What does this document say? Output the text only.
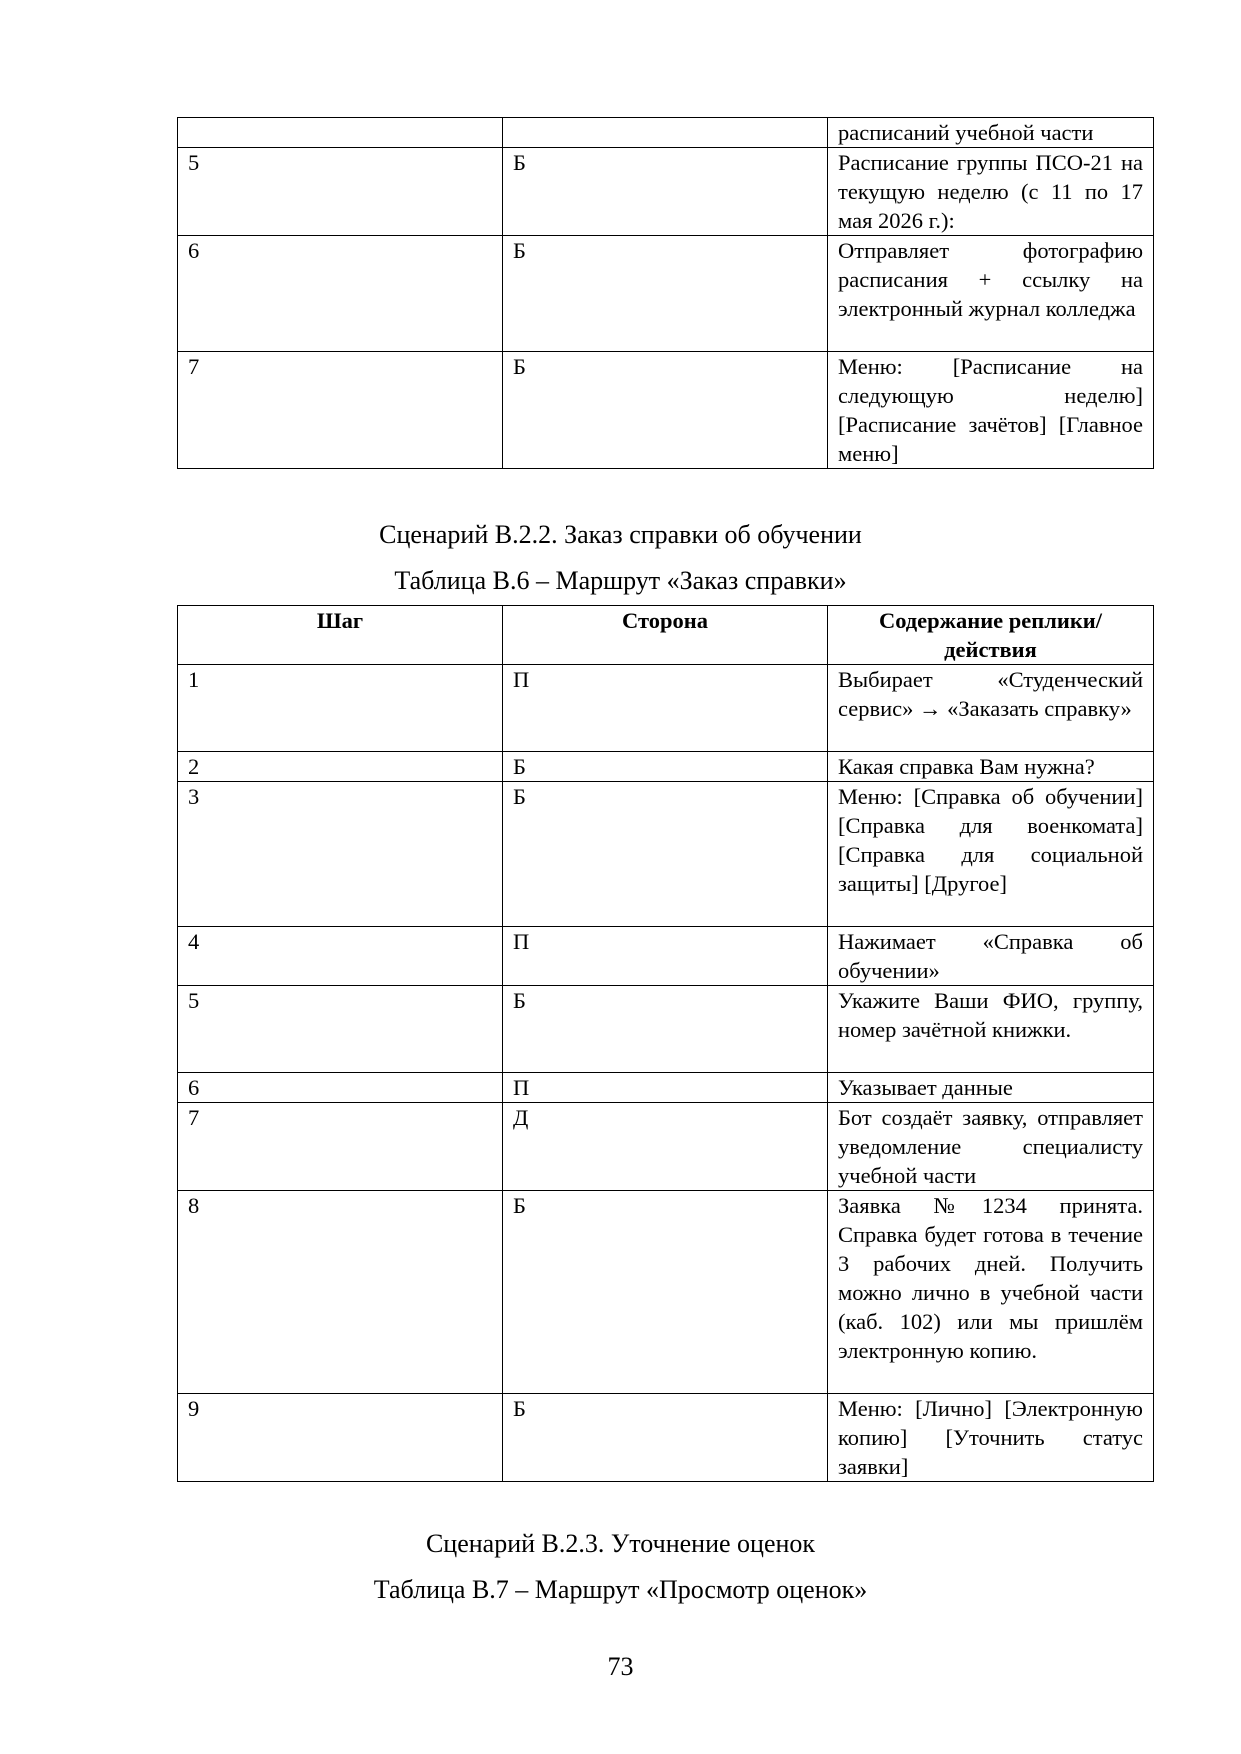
		расписаний учебной части
5	Б	Расписание группы ПСО-21 на текущую неделю (с 11 по 17 мая 2026 г.):
6	Б	Отправляет фотографию расписания + ссылку на электронный журнал колледжа
7	Б	Меню: [Расписание на следующую неделю] [Расписание зачётов] [Главное меню]
Сценарий В.2.2. Заказ справки об обучении
Таблица В.6 – Маршрут «Заказ справки»
Шаг	Сторона	Содержание реплики/действия
1	П	Выбирает «Студенческий сервис» → «Заказать справку»
2	Б	Какая справка Вам нужна?
3	Б	Меню: [Справка об обучении] [Справка для военкомата] [Справка для социальной защиты] [Другое]
4	П	Нажимает «Справка об обучении»
5	Б	Укажите Ваши ФИО, группу, номер зачётной книжки.
6	П	Указывает данные
7	Д	Бот создаёт заявку, отправляет уведомление специалисту учебной части
8	Б	Заявка №1234 принята. Справка будет готова в течение 3 рабочих дней. Получить можно лично в учебной части (каб. 102) или мы пришлём электронную копию.
9	Б	Меню: [Лично] [Электронную копию] [Уточнить статус заявки]
Сценарий В.2.3. Уточнение оценок
Таблица В.7 – Маршрут «Просмотр оценок»
73
